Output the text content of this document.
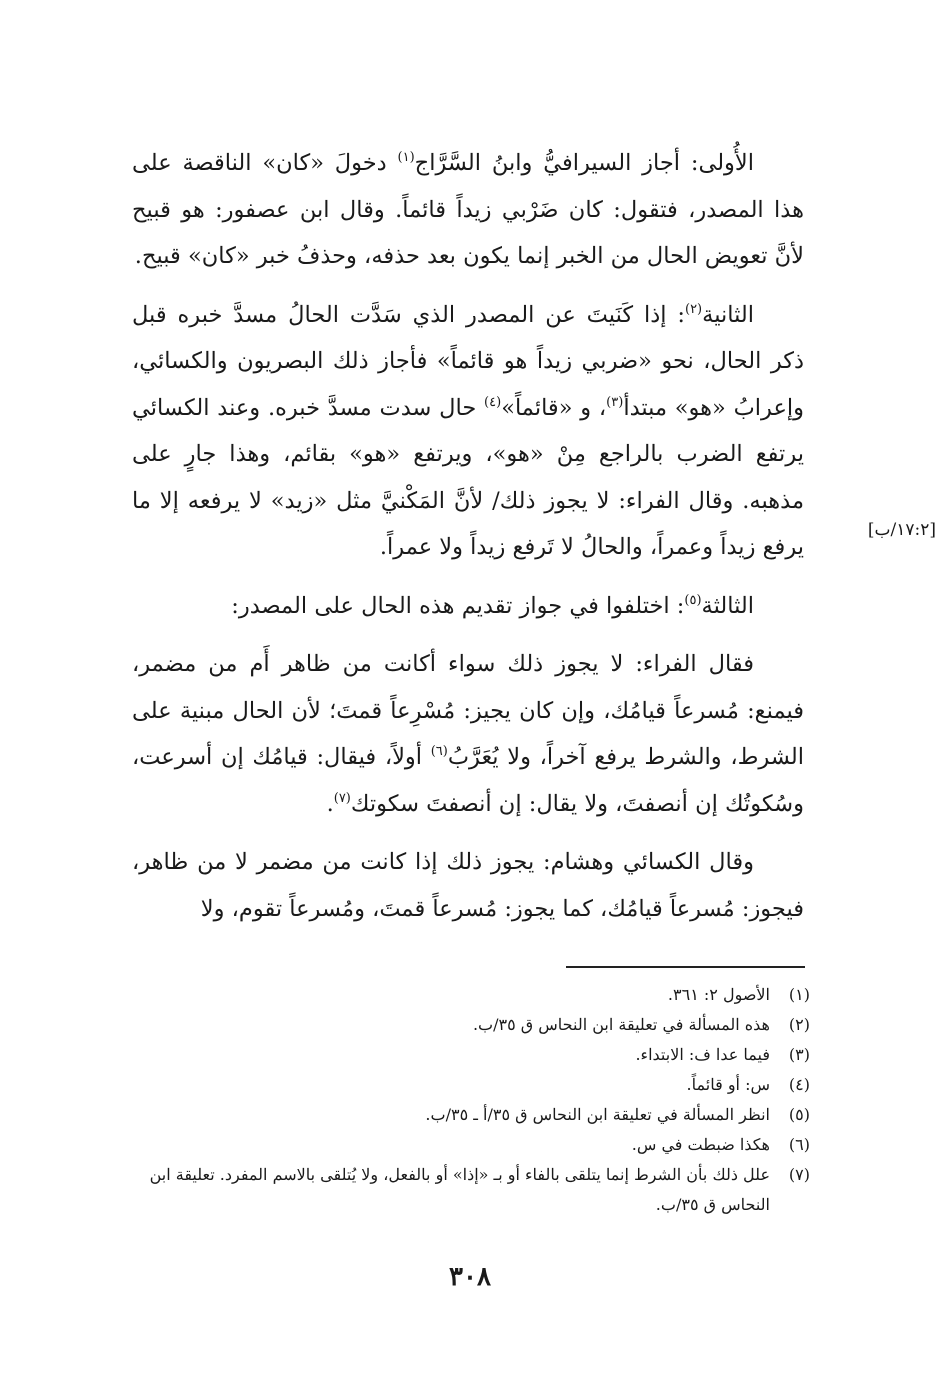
الأُولى: أجاز السيرافيُّ وابنُ السَّرَّاج$^{(١)}$ دخولَ «كان» الناقصة على هذا المصدر، فتقول: كان ضَرْبي زيداً قائماً. وقال ابن عصفور: هو قبيح لأنَّ تعويض الحال من الخبر إنما يكون بعد حذفه، وحذفُ خبر «كان» قبيح.

الثانية$^{(٢)}$: إذا كَنَيتَ عن المصدر الذي سَدَّت الحالُ مسدَّ خبره قبل ذكر الحال، نحو «ضربي زيداً هو قائماً» فأجاز ذلك البصريون والكسائي، وإعرابُ «هو» مبتدأ$^{(٣)}$، و «قائماً»$^{(٤)}$ حال سدت مسدَّ خبره. وعند الكسائي يرتفع الضرب بالراجع مِنْ «هو»، ويرتفع «هو» بقائم، وهذا جارٍ على مذهبه. وقال الفراء: لا يجوز ذلك/ لأنَّ المَكْنيَّ مثل «زيد» لا يرفعه إلا ما يرفع زيداً وعمراً، والحالُ لا تَرفع زيداً ولا عمراً.

الثالثة$^{(٥)}$: اختلفوا في جواز تقديم هذه الحال على المصدر:

فقال الفراء: لا يجوز ذلك سواء أكانت من ظاهر أَم من مضمر، فيمنع: مُسرعاً قيامُك، وإن كان يجيز: مُسْرِعاً قمتَ؛ لأن الحال مبنية على الشرط، والشرط يرفع آخراً، ولا يُعَرَّبُ$^{(٦)}$ أولاً، فيقال: قيامُك إن أسرعت، وسُكوتُك إن أنصفتَ، ولا يقال: إن أنصفتَ سكوتك$^{(٧)}$.

وقال الكسائي وهشام: يجوز ذلك إذا كانت من مضمر لا من ظاهر، فيجوز: مُسرعاً قيامُك، كما يجوز: مُسرعاً قمتَ، ومُسرعاً تقوم، ولا

[١٧:٢/ب]

(١)
الأصول ٢: ٣٦١.

(٢)
هذه المسألة في تعليقة ابن النحاس ق ٣٥/ب.

(٣)
فيما عدا ف: الابتداء.

(٤)
س: أو قائماً.

(٥)
انظر المسألة في تعليقة ابن النحاس ق ٣٥/أ ـ ٣٥/ب.

(٦)
هكذا ضبطت في س.

(٧)
علل ذلك بأن الشرط إنما يتلقى بالفاء أو بـ «إذا» أو بالفعل، ولا يُتلقى بالاسم المفرد. تعليقة ابن النحاس ق ٣٥/ب.

٣٠٨
